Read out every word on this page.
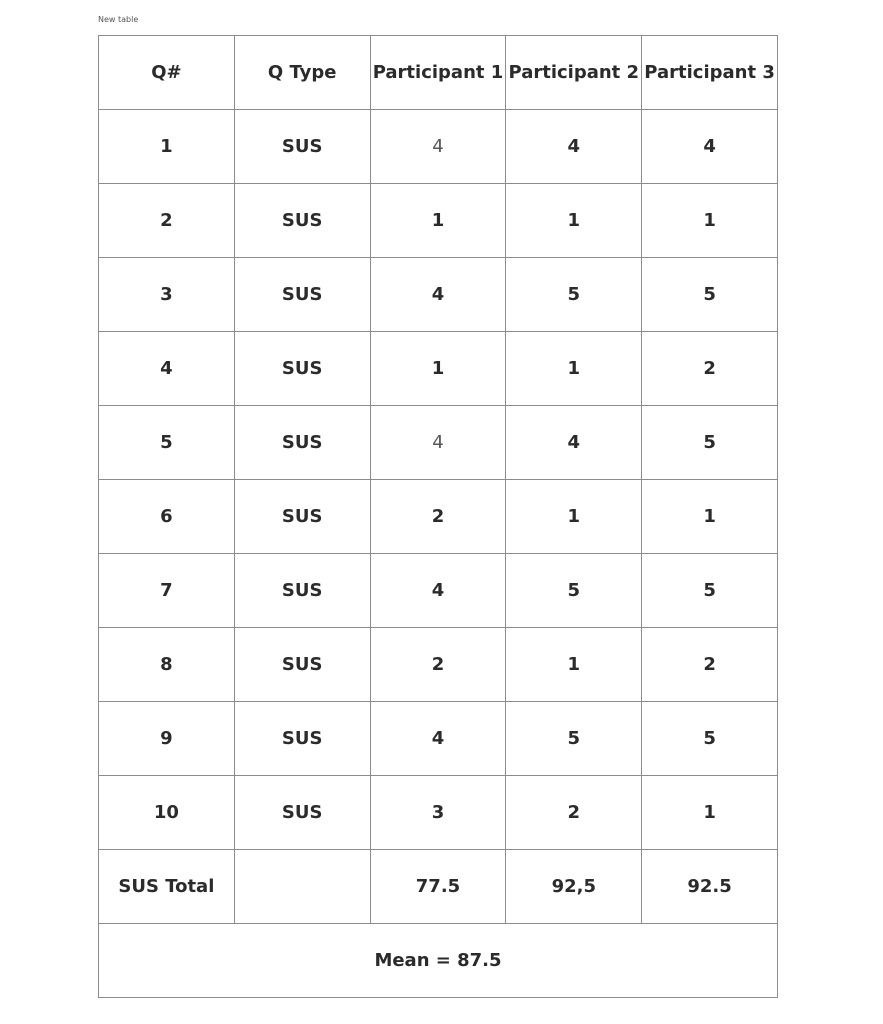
New table
Q#	Q Type	Participant 1	Participant 2	Participant 3
1	SUS	4	4	4
2	SUS	1	1	1
3	SUS	4	5	5
4	SUS	1	1	2
5	SUS	4	4	5
6	SUS	2	1	1
7	SUS	4	5	5
8	SUS	2	1	2
9	SUS	4	5	5
10	SUS	3	2	1
SUS Total		77.5	92,5	92.5
Mean = 87.5				
